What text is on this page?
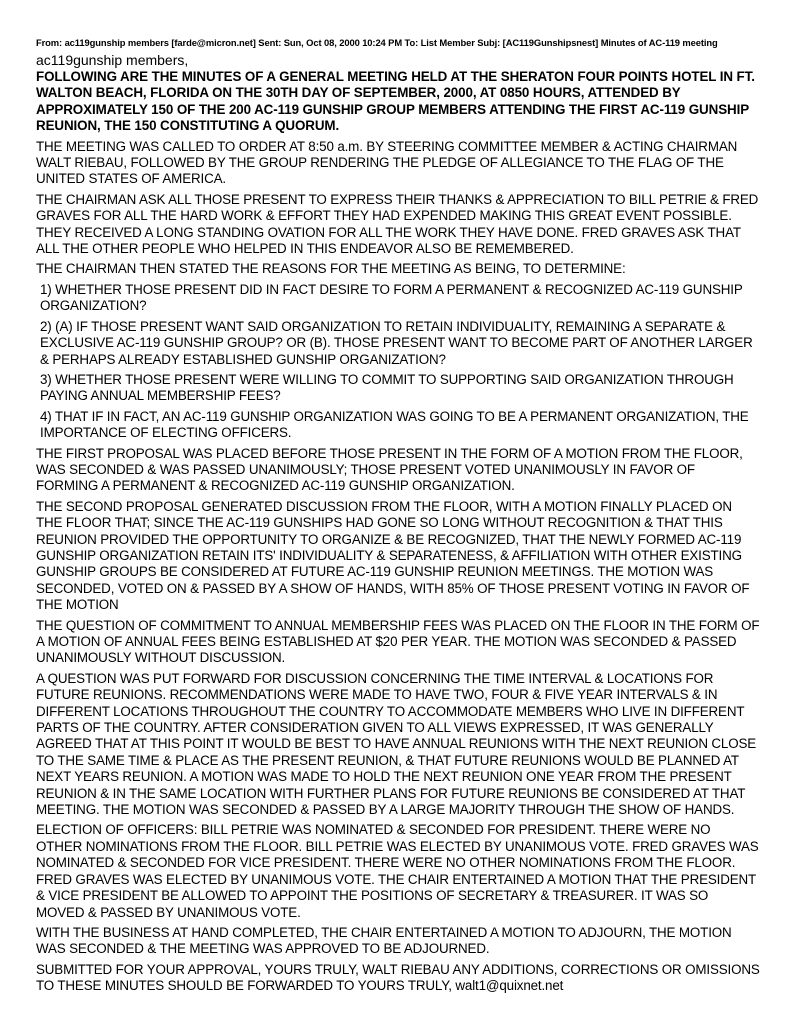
From: ac119gunship members [farde@micron.net] Sent: Sun, Oct 08, 2000 10:24 PM To: List Member Subj: [AC119Gunshipsnest] Minutes of AC-119 meeting
ac119gunship members,
FOLLOWING ARE THE MINUTES OF A GENERAL MEETING HELD AT THE SHERATON FOUR POINTS HOTEL IN FT. WALTON BEACH, FLORIDA ON THE 30TH DAY OF SEPTEMBER, 2000, AT 0850 HOURS, ATTENDED BY APPROXIMATELY 150 OF THE 200 AC-119 GUNSHIP GROUP MEMBERS ATTENDING THE FIRST AC-119 GUNSHIP REUNION, THE 150 CONSTITUTING A QUORUM.
THE MEETING WAS CALLED TO ORDER AT 8:50 a.m. BY STEERING COMMITTEE MEMBER & ACTING CHAIRMAN WALT RIEBAU, FOLLOWED BY THE GROUP RENDERING THE PLEDGE OF ALLEGIANCE TO THE FLAG OF THE UNITED STATES OF AMERICA.
THE CHAIRMAN ASK ALL THOSE PRESENT TO EXPRESS THEIR THANKS & APPRECIATION TO BILL PETRIE & FRED GRAVES FOR ALL THE HARD WORK & EFFORT THEY HAD EXPENDED MAKING THIS GREAT EVENT POSSIBLE. THEY RECEIVED A LONG STANDING OVATION FOR ALL THE WORK THEY HAVE DONE. FRED GRAVES ASK THAT ALL THE OTHER PEOPLE WHO HELPED IN THIS ENDEAVOR ALSO BE REMEMBERED.
THE CHAIRMAN THEN STATED THE REASONS FOR THE MEETING AS BEING, TO DETERMINE:
1) WHETHER THOSE PRESENT DID IN FACT DESIRE TO FORM A PERMANENT & RECOGNIZED AC-119 GUNSHIP ORGANIZATION?
2) (A) IF THOSE PRESENT WANT SAID ORGANIZATION TO RETAIN INDIVIDUALITY, REMAINING A SEPARATE & EXCLUSIVE AC-119 GUNSHIP GROUP? OR (B). THOSE PRESENT WANT TO BECOME PART OF ANOTHER LARGER & PERHAPS ALREADY ESTABLISHED GUNSHIP ORGANIZATION?
3) WHETHER THOSE PRESENT WERE WILLING TO COMMIT TO SUPPORTING SAID ORGANIZATION THROUGH PAYING ANNUAL MEMBERSHIP FEES?
4) THAT IF IN FACT, AN AC-119 GUNSHIP ORGANIZATION WAS GOING TO BE A PERMANENT ORGANIZATION, THE IMPORTANCE OF ELECTING OFFICERS.
THE FIRST PROPOSAL WAS PLACED BEFORE THOSE PRESENT IN THE FORM OF A MOTION FROM THE FLOOR, WAS SECONDED & WAS PASSED UNANIMOUSLY; THOSE PRESENT VOTED UNANIMOUSLY IN FAVOR OF FORMING A PERMANENT & RECOGNIZED AC-119 GUNSHIP ORGANIZATION.
THE SECOND PROPOSAL GENERATED DISCUSSION FROM THE FLOOR, WITH A MOTION FINALLY PLACED ON THE FLOOR THAT; SINCE THE AC-119 GUNSHIPS HAD GONE SO LONG WITHOUT RECOGNITION & THAT THIS REUNION PROVIDED THE OPPORTUNITY TO ORGANIZE & BE RECOGNIZED, THAT THE NEWLY FORMED AC-119 GUNSHIP ORGANIZATION RETAIN ITS' INDIVIDUALITY & SEPARATENESS, & AFFILIATION WITH OTHER EXISTING GUNSHIP GROUPS BE CONSIDERED AT FUTURE AC-119 GUNSHIP REUNION MEETINGS. THE MOTION WAS SECONDED, VOTED ON & PASSED BY A SHOW OF HANDS, WITH 85% OF THOSE PRESENT VOTING IN FAVOR OF THE MOTION
THE QUESTION OF COMMITMENT TO ANNUAL MEMBERSHIP FEES WAS PLACED ON THE FLOOR IN THE FORM OF A MOTION OF ANNUAL FEES BEING ESTABLISHED AT $20 PER YEAR. THE MOTION WAS SECONDED & PASSED UNANIMOUSLY WITHOUT DISCUSSION.
A QUESTION WAS PUT FORWARD FOR DISCUSSION CONCERNING THE TIME INTERVAL & LOCATIONS FOR FUTURE REUNIONS. RECOMMENDATIONS WERE MADE TO HAVE TWO, FOUR & FIVE YEAR INTERVALS & IN DIFFERENT LOCATIONS THROUGHOUT THE COUNTRY TO ACCOMMODATE MEMBERS WHO LIVE IN DIFFERENT PARTS OF THE COUNTRY. AFTER CONSIDERATION GIVEN TO ALL VIEWS EXPRESSED, IT WAS GENERALLY AGREED THAT AT THIS POINT IT WOULD BE BEST TO HAVE ANNUAL REUNIONS WITH THE NEXT REUNION CLOSE TO THE SAME TIME & PLACE AS THE PRESENT REUNION, & THAT FUTURE REUNIONS WOULD BE PLANNED AT NEXT YEARS REUNION. A MOTION WAS MADE TO HOLD THE NEXT REUNION ONE YEAR FROM THE PRESENT REUNION & IN THE SAME LOCATION WITH FURTHER PLANS FOR FUTURE REUNIONS BE CONSIDERED AT THAT MEETING. THE MOTION WAS SECONDED & PASSED BY A LARGE MAJORITY THROUGH THE SHOW OF HANDS.
ELECTION OF OFFICERS: BILL PETRIE WAS NOMINATED & SECONDED FOR PRESIDENT. THERE WERE NO OTHER NOMINATIONS FROM THE FLOOR. BILL PETRIE WAS ELECTED BY UNANIMOUS VOTE. FRED GRAVES WAS NOMINATED & SECONDED FOR VICE PRESIDENT. THERE WERE NO OTHER NOMINATIONS FROM THE FLOOR. FRED GRAVES WAS ELECTED BY UNANIMOUS VOTE. THE CHAIR ENTERTAINED A MOTION THAT THE PRESIDENT & VICE PRESIDENT BE ALLOWED TO APPOINT THE POSITIONS OF SECRETARY & TREASURER. IT WAS SO MOVED & PASSED BY UNANIMOUS VOTE.
WITH THE BUSINESS AT HAND COMPLETED, THE CHAIR ENTERTAINED A MOTION TO ADJOURN, THE MOTION WAS SECONDED & THE MEETING WAS APPROVED TO BE ADJOURNED.
SUBMITTED FOR YOUR APPROVAL, YOURS TRULY, WALT RIEBAU ANY ADDITIONS, CORRECTIONS OR OMISSIONS TO THESE MINUTES SHOULD BE FORWARDED TO YOURS TRULY, walt1@quixnet.net
